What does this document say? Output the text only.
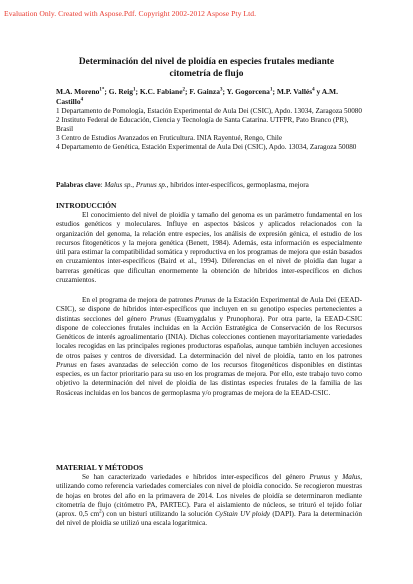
Evaluation Only. Created with Aspose.Pdf. Copyright 2002-2012 Aspose Pty Ltd.
Determinación del nivel de ploidía en especies frutales mediante
citometría de flujo
M.A. Moreno$^{1*}$; G. Reig$^1$; K.C. Fabiane$^2$; F. Gainza$^3$; Y. Gogorcena$^1$; M.P. Vallés$^4$ y A.M. Castillo$^4$
1 Departamento de Pomología, Estación Experimental de Aula Dei (CSIC), Apdo. 13034, Zaragoza 50080
2 Instituto Federal de Educación, Ciencia y Tecnología de Santa Catarina. UTFPR, Pato Branco (PR), Brasil
3 Centro de Estudios Avanzados en Fruticultura. INIA Rayentué, Rengo, Chile
4 Departamento de Genética, Estación Experimental de Aula Dei (CSIC), Apdo. 13034, Zaragoza 50080
Palabras clave: Malus sp., Prunus sp., híbridos inter-específicos, germoplasma, mejora
INTRODUCCIÓN
El conocimiento del nivel de ploidía y tamaño del genoma es un parámetro fundamental en los estudios genéticos y moleculares. Influye en aspectos básicos y aplicados relacionados con la organización del genoma, la relación entre especies, los análisis de expresión génica, el estudio de los recursos fitogenéticos y la mejora genética (Benett, 1984). Además, esta información es especialmente útil para estimar la compatibilidad somática y reproductiva en los programas de mejora que están basados en cruzamientos inter-específicos (Baird et al., 1994). Diferencias en el nivel de ploidía dan lugar a barreras genéticas que dificultan enormemente la obtención de híbridos inter-específicos en dichos cruzamientos.
En el programa de mejora de patrones Prunus de la Estación Experimental de Aula Dei (EEAD-CSIC), se dispone de híbridos inter-específicos que incluyen en su genotipo especies pertenecientes a distintas secciones del género Prunus (Euamygdalus y Prunophora). Por otra parte, la EEAD-CSIC dispone de colecciones frutales incluidas en la Acción Estratégica de Conservación de los Recursos Genéticos de interés agroalimentario (INIA). Dichas colecciones contienen mayoritariamente variedades locales recogidas en las principales regiones productoras españolas, aunque también incluyen accesiones de otros países y centros de diversidad. La determinación del nivel de ploidía, tanto en los patrones Prunus en fases avanzadas de selección como de los recursos fitogenéticos disponibles en distintas especies, es un factor prioritario para su uso en los programas de mejora. Por ello, este trabajo tuvo como objetivo la determinación del nivel de ploidía de las distintas especies frutales de la familia de las Rosáceas incluidas en los bancos de germoplasma y/o programas de mejora de la EEAD-CSIC.
MATERIAL Y MÉTODOS
Se han caracterizado variedades e híbridos inter-específicos del género Prunus y Malus, utilizando como referencia variedades comerciales con nivel de ploidía conocido. Se recogieron muestras de hojas en brotes del año en la primavera de 2014. Los niveles de ploidía se determinaron mediante citometría de flujo (citómetro PA, PARTEC). Para el aislamiento de núcleos, se trituró el tejido foliar (aprox. 0,5 $cm^2$) con un bisturí utilizando la solución CyStain UV ploidy (DAPI). Para la determinación del nivel de ploidía se utilizó una escala logarítmica.
